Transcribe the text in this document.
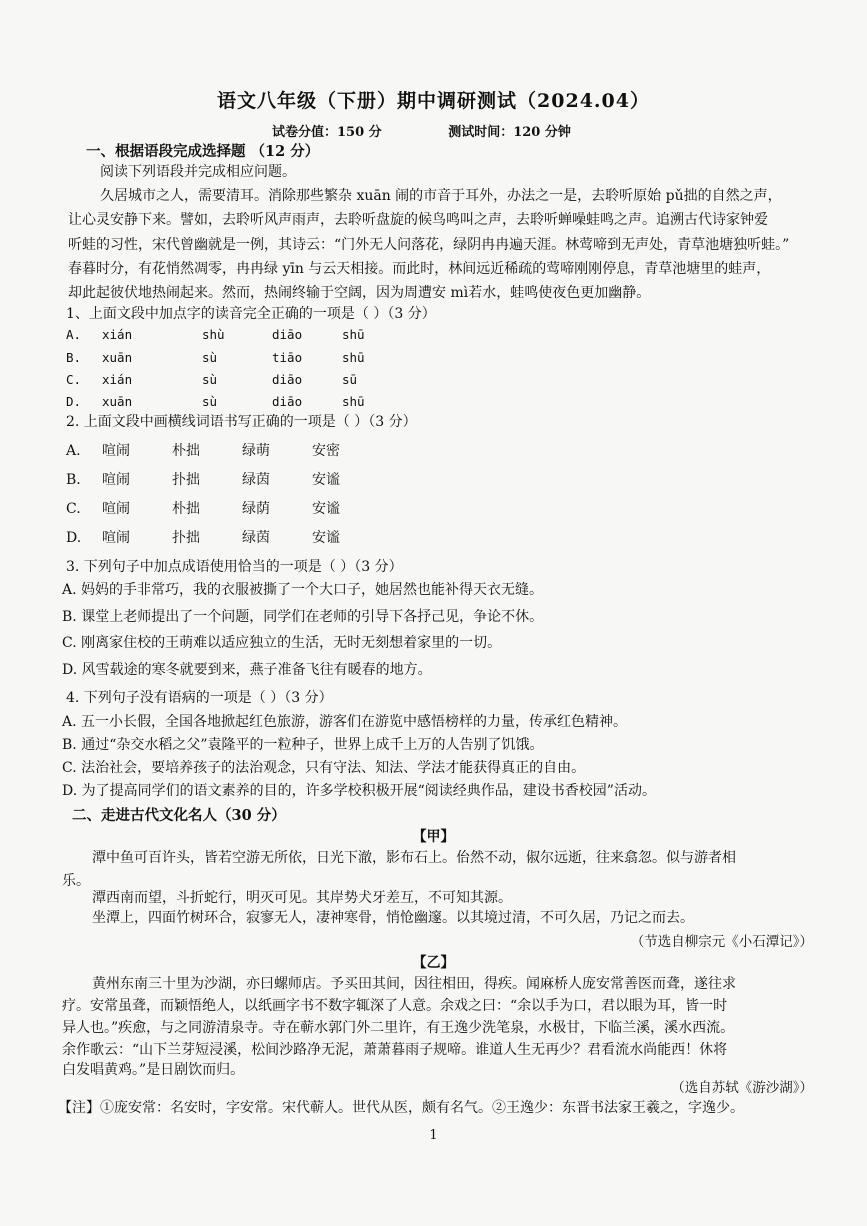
语文八年级（下册）期中调研测试（2024.04）
试卷分值：150 分	测试时间：120 分钟
一、根据语段完成选择题 （12 分）
阅读下列语段并完成相应问题。
久居城市之人，需要清耳。消除那些繁杂 xuān 闹的市音于耳外，办法之一是，去聆听原始 pǔ拙的自然之声，
让心灵安静下来。譬如，去聆听风声雨声，去聆听盘旋的候鸟鸣叫之声，去聆听蝉噪蛙鸣之声。追溯古代诗家钟爱
听蛙的习性，宋代曾幽就是一例，其诗云：“门外无人问落花，绿阴冉冉遍天涯。林莺啼到无声处，青草池塘独听蛙。”
春暮时分，有花悄然凋零，冉冉绿 yīn 与云天相接。而此时，林间远近稀疏的莺啼刚刚停息，青草池塘里的蛙声，
却此起彼伏地热闹起来。然而，热闹终输于空阔，因为周遭安 mì若水，蛙鸣使夜色更加幽静。
1、上面文段中加点字的读音完全正确的一项是（ ）（3 分）
A. xián	shù	diāo	shū
B. xuān	sù	tiāo	shū
C. xián	sù	diāo	sū
D. xuān	sù	diāo	shū
2. 上面文段中画横线词语书写正确的一项是（ ）（3 分）
A. 喧闹	朴拙	绿萌	安密
B. 喧闹	扑拙	绿茵	安谧
C. 喧闹	朴拙	绿荫	安谧
D. 喧闹	扑拙	绿茵	安谧
3. 下列句子中加点成语使用恰当的一项是（ ）（3 分）
A. 妈妈的手非常巧，我的衣服被撕了一个大口子，她居然也能补得天衣无缝。
B. 课堂上老师提出了一个问题，同学们在老师的引导下各抒己见，争论不休。
C. 刚离家住校的王萌难以适应独立的生活，无时无刻想着家里的一切。
D. 风雪载途的寒冬就要到来，燕子准备飞往有暖春的地方。
4. 下列句子没有语病的一项是（ ）（3 分）
A. 五一小长假，全国各地掀起红色旅游，游客们在游览中感悟榜样的力量，传承红色精神。
B. 通过“杂交水稻之父”袁隆平的一粒种子，世界上成千上万的人告别了饥饿。
C. 法治社会，要培养孩子的法治观念，只有守法、知法、学法才能获得真正的自由。
D. 为了提高同学们的语文素养的目的，许多学校积极开展“阅读经典作品，建设书香校园”活动。
二、走进古代文化名人（30 分）
【甲】
潭中鱼可百许头，皆若空游无所依，日光下澈，影布石上。佁然不动，俶尔远逝，往来翕忽。似与游者相
乐。
潭西南而望，斗折蛇行，明灭可见。其岸势犬牙差互，不可知其源。
坐潭上，四面竹树环合，寂寥无人，凄神寒骨，悄怆幽邃。以其境过清，不可久居，乃记之而去。
（节选自柳宗元《小石潭记》）
【乙】
黄州东南三十里为沙湖，亦曰螺师店。予买田其间，因往相田，得疾。闻麻桥人庞安常善医而聋，遂往求
疗。安常虽聋，而颖悟绝人，以纸画字书不数字辄深了人意。余戏之曰：“余以手为口，君以眼为耳，皆一时
异人也。”疾愈，与之同游清泉寺。寺在蕲水郭门外二里许，有王逸少洗笔泉，水极甘，下临兰溪，溪水西流。
余作歌云：“山下兰芽短浸溪，松间沙路净无泥，萧萧暮雨子规啼。谁道人生无再少？君看流水尚能西！休将
白发唱黄鸡。”是日剧饮而归。
（选自苏轼《游沙湖》）
【注】①庞安常：名安时，字安常。宋代蕲人。世代从医，颇有名气。②王逸少：东晋书法家王羲之，字逸少。
1
